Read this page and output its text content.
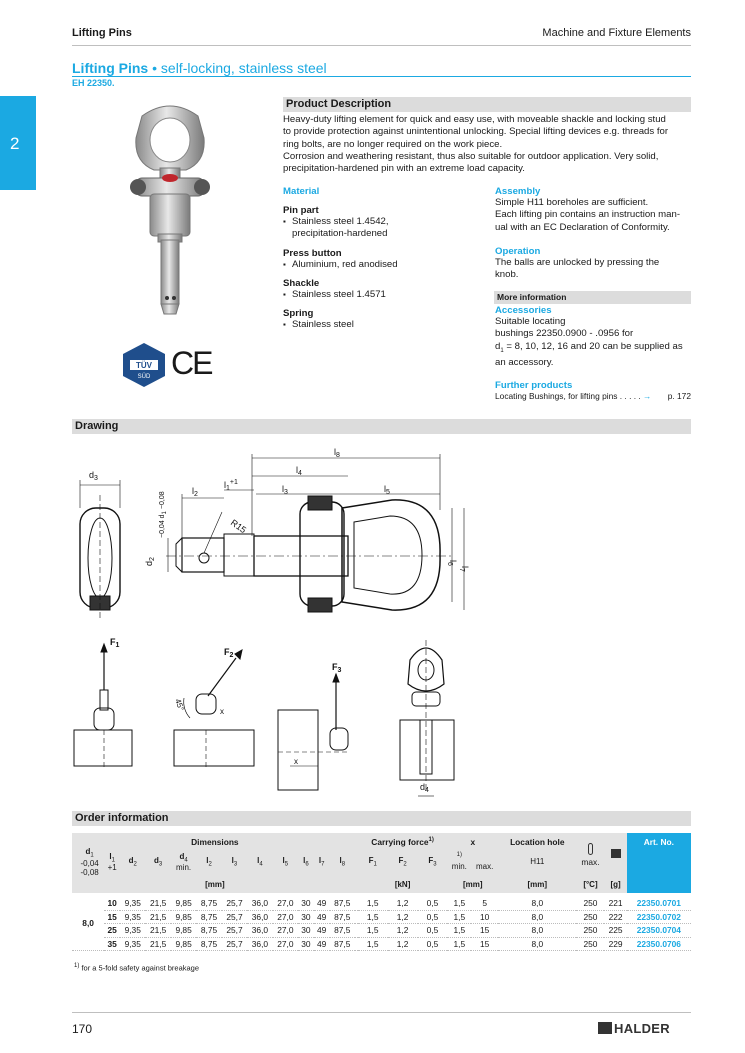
Lifting Pins	Machine and Fixture Elements
2
Lifting Pins • self-locking, stainless steel
EH 22350.
TÜV
SÜD CE
Product Description
Heavy-duty lifting element for quick and easy use, with moveable shackle and locking stud
to provide protection against unintentional unlocking. Special lifting devices e.g. threads for
ring bolts, are no longer required on the work piece.
Corrosion and weathering resistant, thus also suitable for outdoor application. Very solid,
precipitation-hardened pin with an extreme load capacity.
Material
Pin part
▪ Stainless steel 1.4542,
precipitation-hardened
Press button
▪ Aluminium, red anodised
Shackle
▪ Stainless steel 1.4571
Spring
▪ Stainless steel
Assembly
Simple H11 boreholes are sufficient.
Each lifting pin contains an instruction man-
ual with an EC Declaration of Conformity.
Operation
The balls are unlocked by pressing the
knob.
More information
Accessories
Suitable locating
bushings 22350.0900 - .0956 for
$d_1 = 8$, 10, 12, 16 and 20 can be supplied as
an accessory.
Further products
Locating Bushings, for lifting pins . . . . . → p. 172
Drawing
$d_3$
$l_8$
$l_4$
$l_2$
$l_1^{+1}$
$l_3$	$l_5$
−0,04 d1−0,08
R15
$d_2$
$l_6$
$l_7$
$F_1$
$F_2$
45°	x
$F_3$
x
$d_4$
Order information
Dimensions													Carrying force$^{1)}$			x		Location hole	max.		Art. No.
$d_1$
-0,04
-0,08	$l_1$
+1	$d_2$	$d_3$	$d_4$
min.	$l_2$	$l_3$	$l_4$	$l_5$	$l_6$	$l_7$	$l_8$		$F_1$	$F_2$	$F_3$	$^{1)}$
min.	max.	H11			
[mm]													[kN]			[mm]		[mm]	[°C]	[g]	

8,0	10	9,35	21,5	9,85	8,75	25,7	36,0	27,0	30	49	87,5		1,5	1,2	0,5	1,5	5	8,0	250	221	22350.0701
	15	9,35	21,5	9,85	8,75	25,7	36,0	27,0	30	49	87,5		1,5	1,2	0,5	1,5	10	8,0	250	222	22350.0702
	25	9,35	21,5	9,85	8,75	25,7	36,0	27,0	30	49	87,5		1,5	1,2	0,5	1,5	15	8,0	250	225	22350.0704
	35	9,35	21,5	9,85	8,75	25,7	36,0	27,0	30	49	87,5		1,5	1,2	0,5	1,5	15	8,0	250	229	22350.0706
$^{1)}$ for a 5-fold safety against breakage
170	HALDER
